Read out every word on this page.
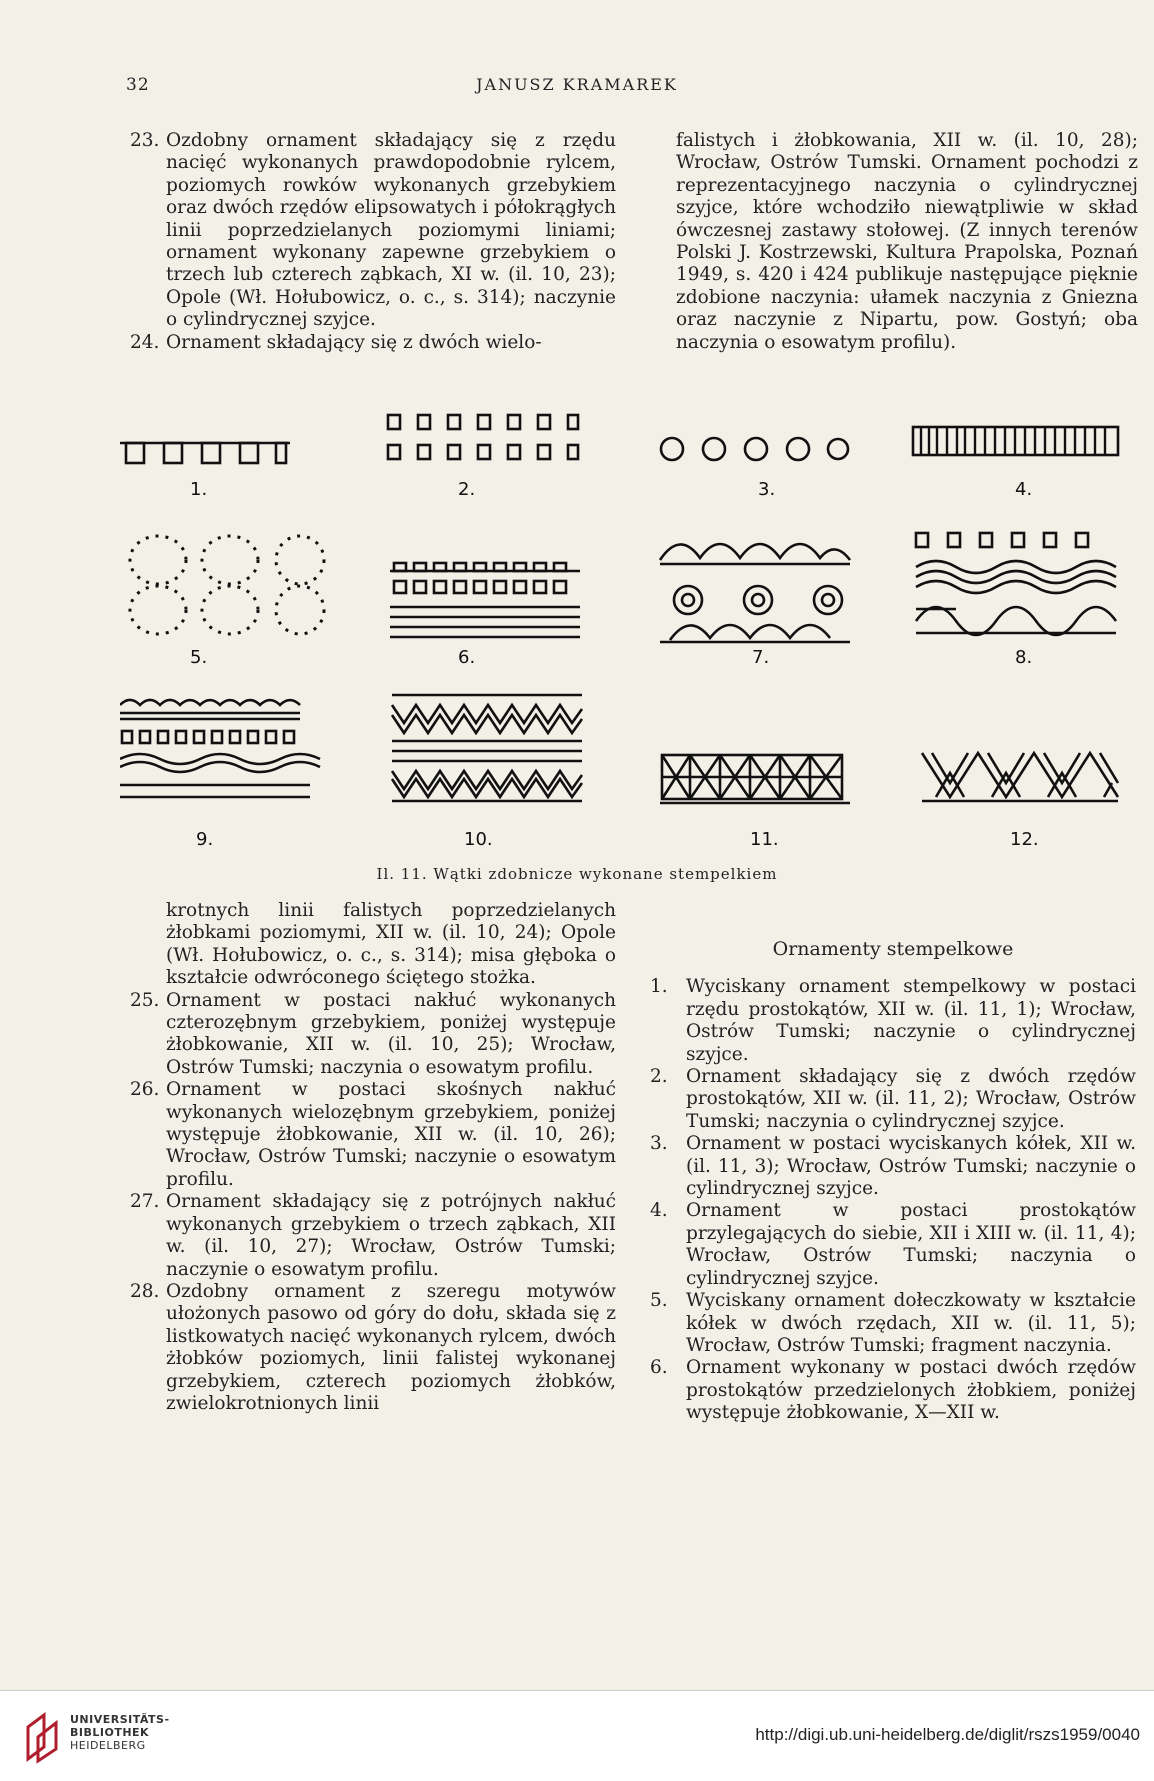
32	JANUSZ KRAMAREK
23. Ozdobny ornament składający się z rzędu nacięć wykonanych prawdopodobnie rylcem, poziomych rowków wykonanych grzebykiem oraz dwóch rzędów elipsowatych i półokrągłych linii poprzedzielanych poziomymi liniami; ornament wykonany zapewne grzebykiem o trzech lub czterech ząbkach, XI w. (il. 10, 23); Opole (Wł. Hołubowicz, o. c., s. 314); naczynie o cylindrycznej szyjce.
24. Ornament składający się z dwóch wielo-
falistych i żłobkowania, XII w. (il. 10, 28); Wrocław, Ostrów Tumski. Ornament pochodzi z reprezentacyjnego naczynia o cylindrycznej szyjce, które wchodziło niewątpliwie w skład ówczesnej zastawy stołowej. (Z innych terenów Polski J. Kostrzewski, Kultura Prapolska, Poznań 1949, s. 420 i 424 publikuje następujące pięknie zdobione naczynia: ułamek naczynia z Gniezna oraz naczynie z Nipartu, pow. Gostyń; oba naczynia o esowatym profilu).
1.	2.	3.	4.
5.	6.	7.	8.
9.	10.	11.	12.
Il. 11. Wątki zdobnicze wykonane stempelkiem
krotnych linii falistych poprzedzielanych żłobkami poziomymi, XII w. (il. 10, 24); Opole (Wł. Hołubowicz, o. c., s. 314); misa głęboka o kształcie odwróconego ściętego stożka.
25. Ornament w postaci nakłuć wykonanych czterozębnym grzebykiem, poniżej występuje żłobkowanie, XII w. (il. 10, 25); Wrocław, Ostrów Tumski; naczynia o esowatym profilu.
26. Ornament w postaci skośnych nakłuć wykonanych wielozębnym grzebykiem, poniżej występuje żłobkowanie, XII w. (il. 10, 26); Wrocław, Ostrów Tumski; naczynie o esowatym profilu.
27. Ornament składający się z potrójnych nakłuć wykonanych grzebykiem o trzech ząbkach, XII w. (il. 10, 27); Wrocław, Ostrów Tumski; naczynie o esowatym profilu.
28. Ozdobny ornament z szeregu motywów ułożonych pasowo od góry do dołu, składa się z listkowatych nacięć wykonanych rylcem, dwóch żłobków poziomych, linii falistej wykonanej grzebykiem, czterech poziomych żłobków, zwielokrotnionych linii
Ornamenty stempelkowe
1. Wyciskany ornament stempelkowy w postaci rzędu prostokątów, XII w. (il. 11, 1); Wrocław, Ostrów Tumski; naczynie o cylindrycznej szyjce.
2. Ornament składający się z dwóch rzędów prostokątów, XII w. (il. 11, 2); Wrocław, Ostrów Tumski; naczynia o cylindrycznej szyjce.
3. Ornament w postaci wyciskanych kółek, XII w. (il. 11, 3); Wrocław, Ostrów Tumski; naczynie o cylindrycznej szyjce.
4. Ornament w postaci prostokątów przylegających do siebie, XII i XIII w. (il. 11, 4); Wrocław, Ostrów Tumski; naczynia o cylindrycznej szyjce.
5. Wyciskany ornament dołeczkowaty w kształcie kółek w dwóch rzędach, XII w. (il. 11, 5); Wrocław, Ostrów Tumski; fragment naczynia.
6. Ornament wykonany w postaci dwóch rzędów prostokątów przedzielonych żłobkiem, poniżej występuje żłobkowanie, X—XII w.
UNIVERSITÄTS-
BIBLIOTHEK
HEIDELBERG
http://digi.ub.uni-heidelberg.de/diglit/rszs1959/0040
